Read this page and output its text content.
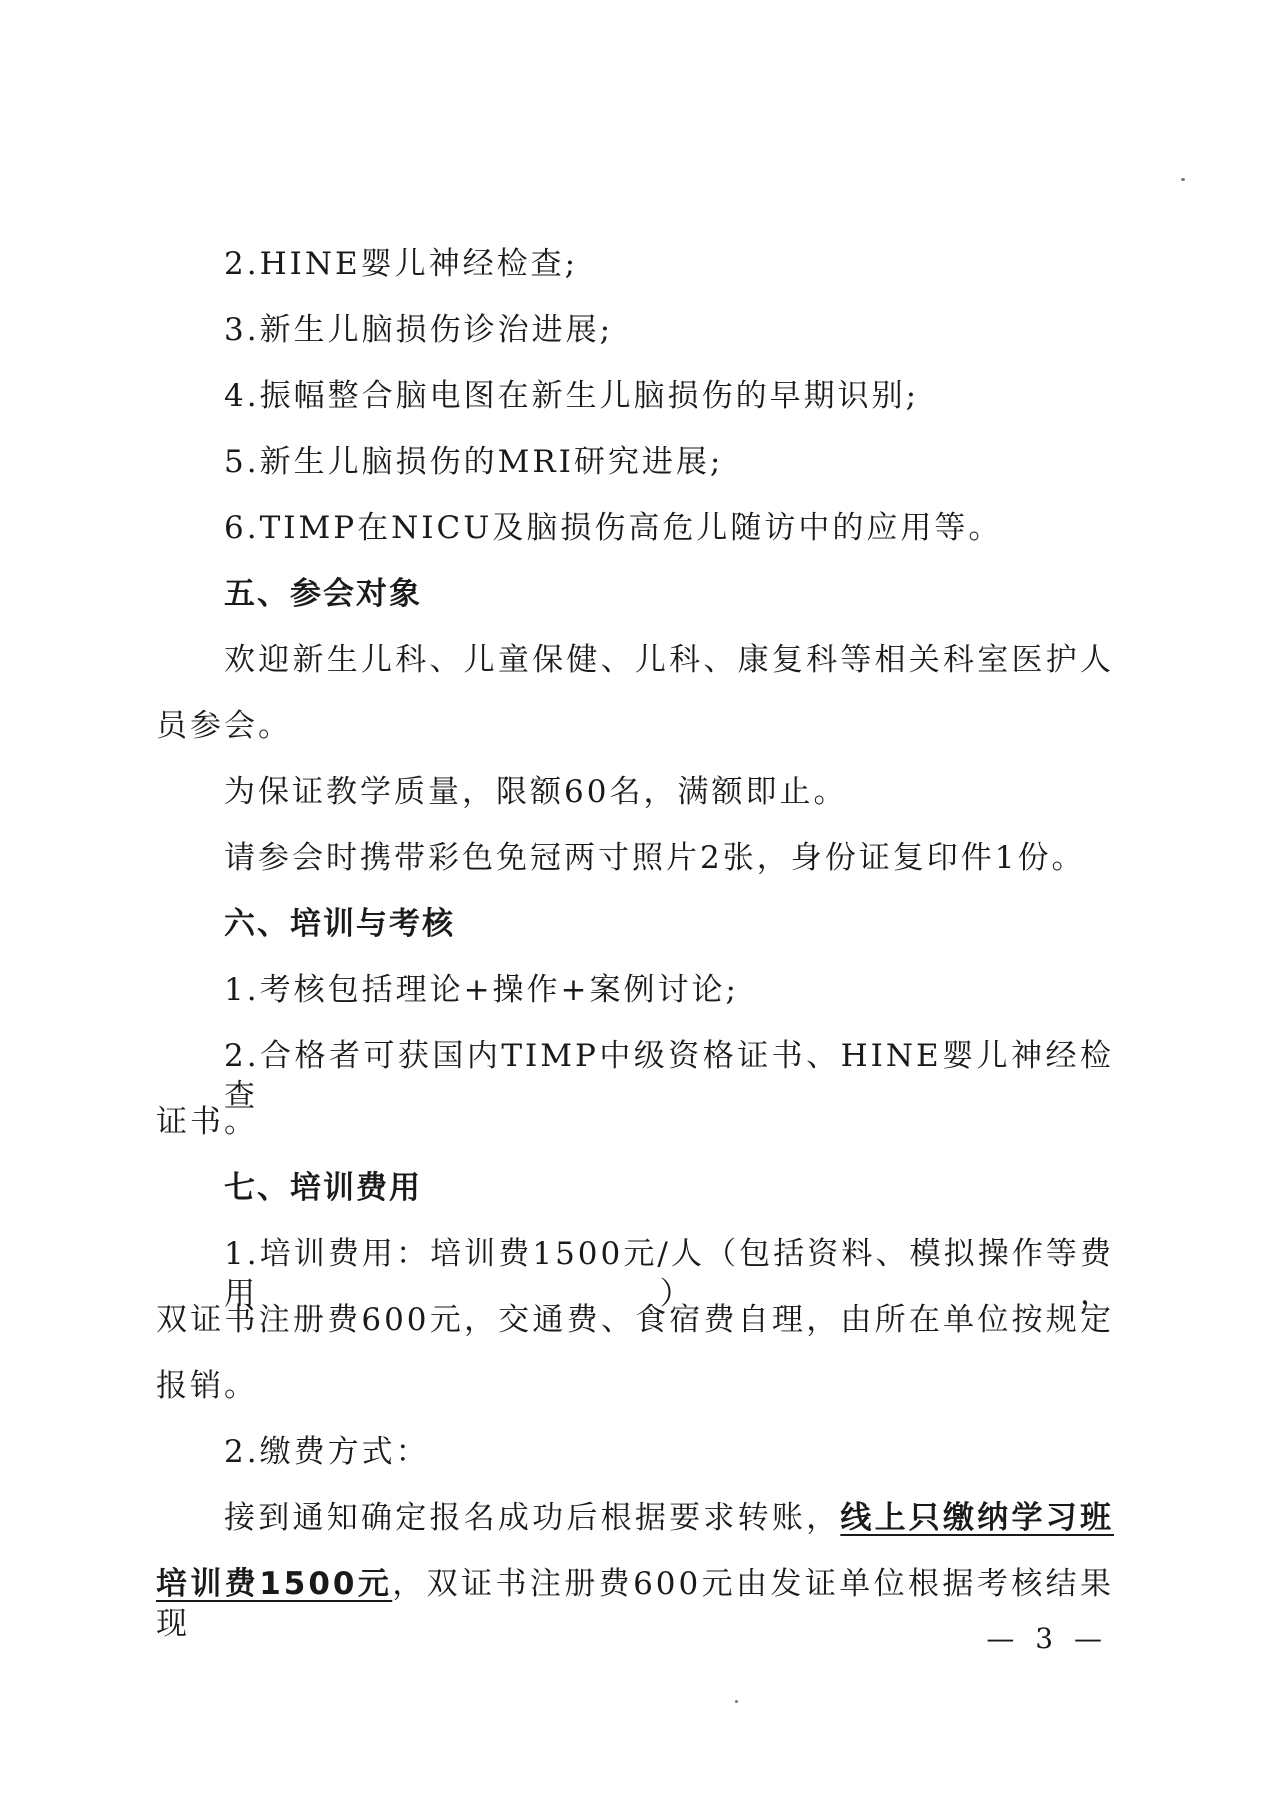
2.HINE婴儿神经检查;
3.新生儿脑损伤诊治进展;
4.振幅整合脑电图在新生儿脑损伤的早期识别;
5.新生儿脑损伤的MRI研究进展;
6.TIMP在NICU及脑损伤高危儿随访中的应用等。
五、参会对象
欢迎新生儿科、儿童保健、儿科、康复科等相关科室医护人
员参会。
为保证教学质量，限额60名，满额即止。
请参会时携带彩色免冠两寸照片2张，身份证复印件1份。
六、培训与考核
1.考核包括理论+操作+案例讨论;
2.合格者可获国内TIMP中级资格证书、HINE婴儿神经检查
证书。
七、培训费用
1.培训费用：培训费1500元/人（包括资料、模拟操作等费用），
双证书注册费600元，交通费、食宿费自理，由所在单位按规定
报销。
2.缴费方式：
接到通知确定报名成功后根据要求转账，线上只缴纳学习班
培训费1500元，双证书注册费600元由发证单位根据考核结果现	— 3 —
